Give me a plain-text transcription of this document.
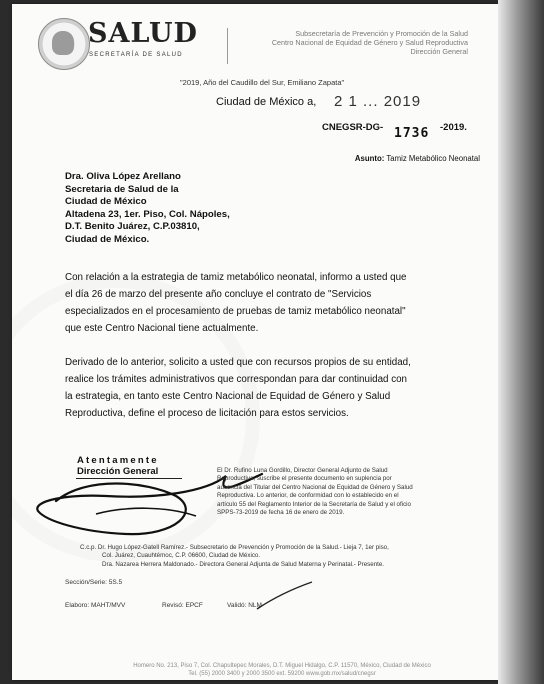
SALUD
SECRETARÍA DE SALUD
Subsecretaría de Prevención y Promoción de la Salud
Centro Nacional de Equidad de Género y Salud Reproductiva
Dirección General
"2019, Año del Caudillo del Sur, Emiliano Zapata"
Ciudad de México a, 2 1 ... 2019
CNEGSR-DG- 1736 -2019.
Asunto: Tamiz Metabólico Neonatal
Dra. Oliva López Arellano
Secretaria de Salud de la
Ciudad de México
Altadena 23, 1er. Piso, Col. Nápoles,
D.T. Benito Juárez, C.P.03810,
Ciudad de México.
Con relación a la estrategia de tamiz metabólico neonatal, informo a usted que
el día 26 de marzo del presente año concluye el contrato de "Servicios
especializados en el procesamiento de pruebas de tamiz metabólico neonatal"
que este Centro Nacional tiene actualmente.
Derivado de lo anterior, solicito a usted que con recursos propios de su entidad,
realice los trámites administrativos que correspondan para dar continuidad con
la estrategia, en tanto este Centro Nacional de Equidad de Género y Salud
Reproductiva, define el proceso de licitación para estos servicios.
Atentamente
Dirección General	El Dr. Rufino Luna Gordillo, Director General Adjunto de Salud
Reproductiva, suscribe el presente documento en suplencia por
ausencia del Titular del Centro Nacional de Equidad de Género y Salud
Reproductiva. Lo anterior, de conformidad con lo establecido en el
artículo 55 del Reglamento Interior de la Secretaría de Salud y el oficio
SPPS-73-2019 de fecha 16 de enero de 2019.
C.c.p. Dr. Hugo López-Gatell Ramírez.- Subsecretario de Prevención y Promoción de la Salud.- Lieja 7, 1er piso,
Col. Juárez, Cuauhtémoc, C.P. 06600, Ciudad de México.
Dra. Nazarea Herrera Maldonado.- Directora General Adjunta de Salud Materna y Perinatal.- Presente.
Sección/Serie: 5S.5
Elaboro: MAHT/MVV	Revisó: EPCF	Validó: NLM
Homero No. 213, Piso 7, Col. Chapultepec Morales, D.T. Miguel Hidalgo, C.P. 11570, México, Ciudad de México
Tel. (55) 2000 3400 y 2000 3500 ext. 59200 www.gob.mx/salud/cnegsr
